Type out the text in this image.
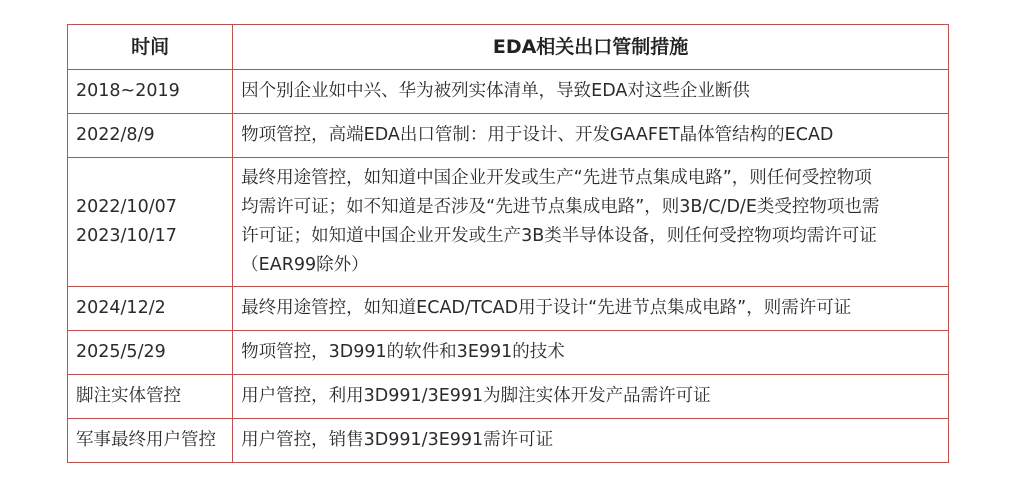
时间	EDA相关出口管制措施

2018~2019	因个别企业如中兴、华为被列实体清单，导致EDA对这些企业断供

2022/8/9	物项管控，高端EDA出口管制：用于设计、开发GAAFET晶体管结构的ECAD

2022/10/07
2023/10/17	最终用途管控，如知道中国企业开发或生产“先进节点集成电路”，则任何受控物项
均需许可证；如不知道是否涉及“先进节点集成电路”，则3B/C/D/E类受控物项也需
许可证；如知道中国企业开发或生产3B类半导体设备，则任何受控物项均需许可证
（EAR99除外）

2024/12/2	最终用途管控，如知道ECAD/TCAD用于设计“先进节点集成电路”，则需许可证

2025/5/29	物项管控，3D991的软件和3E991的技术

脚注实体管控	用户管控，利用3D991/3E991为脚注实体开发产品需许可证

军事最终用户管控	用户管控，销售3D991/3E991需许可证
